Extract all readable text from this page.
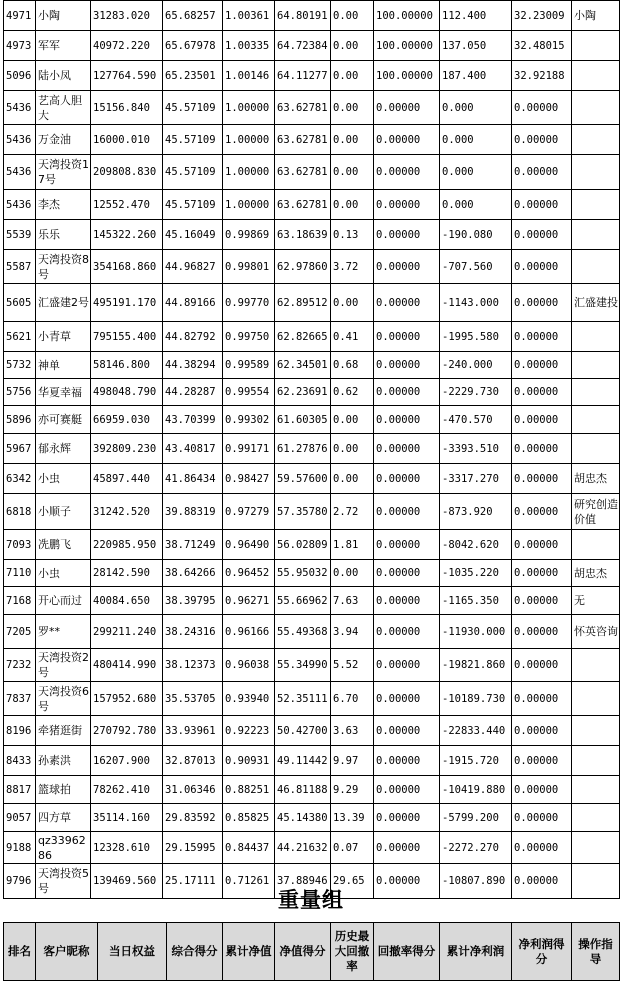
4971	小陶	31283.020	65.68257	1.00361	64.80191	0.00	100.00000	112.400	32.23009	小陶
4973	军军	40972.220	65.67978	1.00335	64.72384	0.00	100.00000	137.050	32.48015	
5096	陆小凤	127764.590	65.23501	1.00146	64.11277	0.00	100.00000	187.400	32.92188	
5436	艺高人胆大	15156.840	45.57109	1.00000	63.62781	0.00	0.00000	0.000	0.00000	
5436	万金油	16000.010	45.57109	1.00000	63.62781	0.00	0.00000	0.000	0.00000	
5436	天湾投资17号	209808.830	45.57109	1.00000	63.62781	0.00	0.00000	0.000	0.00000	
5436	李杰	12552.470	45.57109	1.00000	63.62781	0.00	0.00000	0.000	0.00000	
5539	乐乐	145322.260	45.16049	0.99869	63.18639	0.13	0.00000	-190.080	0.00000	
5587	天湾投资8号	354168.860	44.96827	0.99801	62.97860	3.72	0.00000	-707.560	0.00000	
5605	汇盛建2号	495191.170	44.89166	0.99770	62.89512	0.00	0.00000	-1143.000	0.00000	汇盛建投
5621	小青草	795155.400	44.82792	0.99750	62.82665	0.41	0.00000	-1995.580	0.00000	
5732	神单	58146.800	44.38294	0.99589	62.34501	0.68	0.00000	-240.000	0.00000	
5756	华夏幸福	498048.790	44.28287	0.99554	62.23691	0.62	0.00000	-2229.730	0.00000	
5896	亦可赛艇	66959.030	43.70399	0.99302	61.60305	0.00	0.00000	-470.570	0.00000	
5967	郁永辉	392809.230	43.40817	0.99171	61.27876	0.00	0.00000	-3393.510	0.00000	
6342	小虫	45897.440	41.86434	0.98427	59.57600	0.00	0.00000	-3317.270	0.00000	胡忠杰
6818	小顺子	31242.520	39.88319	0.97279	57.35780	2.72	0.00000	-873.920	0.00000	研究创造价值
7093	冼鹏飞	220985.950	38.71249	0.96490	56.02809	1.81	0.00000	-8042.620	0.00000	
7110	小虫	28142.590	38.64266	0.96452	55.95032	0.00	0.00000	-1035.220	0.00000	胡忠杰
7168	开心而过	40084.650	38.39795	0.96271	55.66962	7.63	0.00000	-1165.350	0.00000	无
7205	罗**	299211.240	38.24316	0.96166	55.49368	3.94	0.00000	-11930.000	0.00000	怀英咨询
7232	天湾投资2号	480414.990	38.12373	0.96038	55.34990	5.52	0.00000	-19821.860	0.00000	
7837	天湾投资6号	157952.680	35.53705	0.93940	52.35111	6.70	0.00000	-10189.730	0.00000	
8196	牵猪逛街	270792.780	33.93961	0.92223	50.42700	3.63	0.00000	-22833.440	0.00000	
8433	孙素洪	16207.900	32.87013	0.90931	49.11442	9.97	0.00000	-1915.720	0.00000	
8817	篮球拍	78262.410	31.06346	0.88251	46.81188	9.29	0.00000	-10419.880	0.00000	
9057	四方草	35114.160	29.83592	0.85825	45.14380	13.39	0.00000	-5799.200	0.00000	
9188	qz3396286	12328.610	29.15995	0.84437	44.21632	0.07	0.00000	-2272.270	0.00000	
9796	天湾投资5号	139469.560	25.17111	0.71261	37.88946	29.65	0.00000	-10807.890	0.00000	
重量组
排名	客户昵称	当日权益	综合得分	累计净值	净值得分	历史最大回撤率	回撤率得分	累计净利润	净利润得分	操作指导
